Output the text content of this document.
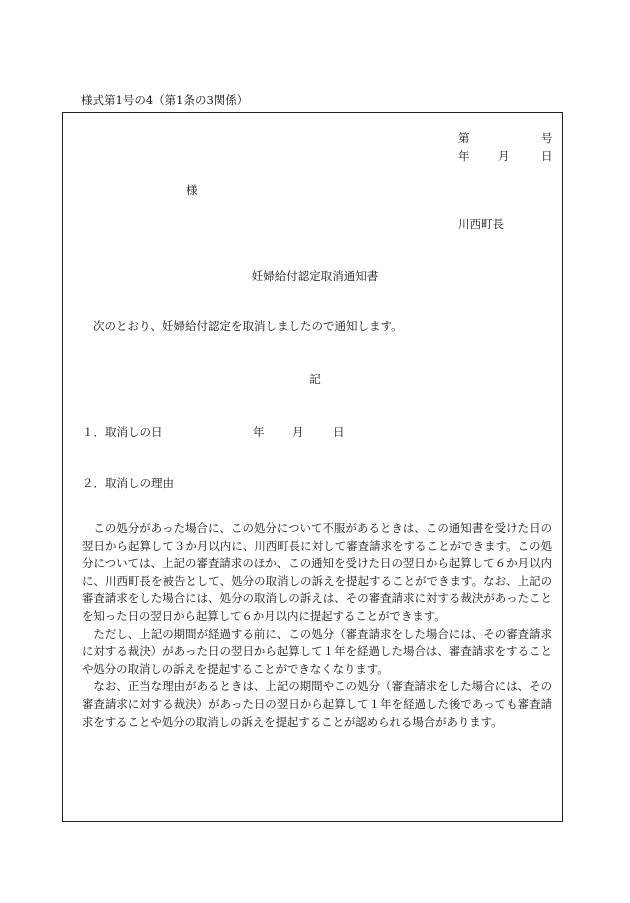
様式第1号の4（第1条の3関係）
第	号
年 月	日
様
川西町長
妊婦給付認定取消通知書
次のとおり、妊婦給付認定を取消しましたので通知します。
記
１．取消しの日	年 月	日
２．取消しの理由

この処分があった場合に、この処分について不服があるときは、この通知書を受けた日の翌日から起算して３か月以内に、川西町長に対して審査請求をすることができます。この処分については、上記の審査請求のほか、この通知を受けた日の翌日から起算して６か月以内に、川西町長を被告として、処分の取消しの訴えを提起することができます。なお、上記の審査請求をした場合には、処分の取消しの訴えは、その審査請求に対する裁決があったことを知った日の翌日から起算して６か月以内に提起することができます。

ただし、上記の期間が経過する前に、この処分（審査請求をした場合には、その審査請求に対する裁決）があった日の翌日から起算して１年を経過した場合は、審査請求をすることや処分の取消しの訴えを提起することができなくなります。

なお、正当な理由があるときは、上記の期間やこの処分（審査請求をした場合には、その審査請求に対する裁決）があった日の翌日から起算して１年を経過した後であっても審査請求をすることや処分の取消しの訴えを提起することが認められる場合があります。
